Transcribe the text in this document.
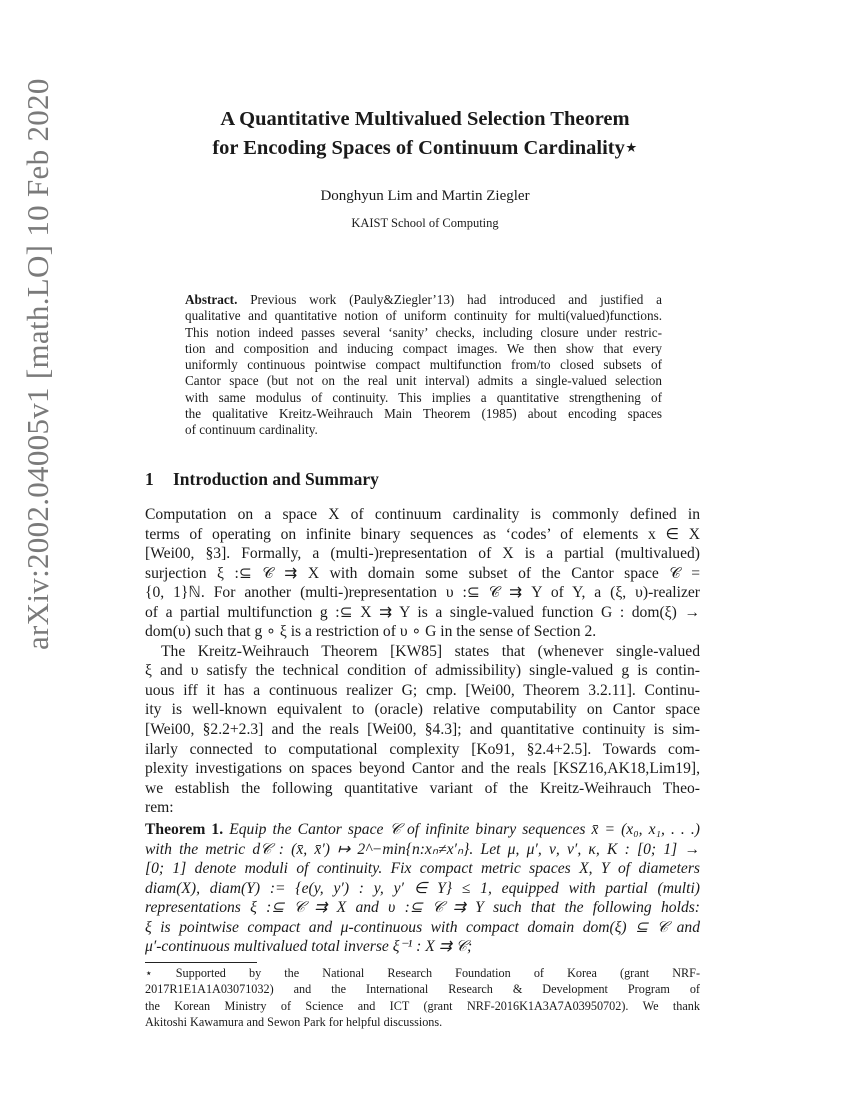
arXiv:2002.04005v1 [math.LO] 10 Feb 2020	A Quantitative Multivalued Selection Theorem
for Encoding Spaces of Continuum Cardinality⋆
Donghyun Lim and Martin Ziegler
KAIST School of Computing
Abstract. Previous work (Pauly&Ziegler’13) had introduced and justified a
qualitative and quantitative notion of uniform continuity for multi(valued)functions.
This notion indeed passes several ‘sanity’ checks, including closure under restric-
tion and composition and inducing compact images. We then show that every
uniformly continuous pointwise compact multifunction from/to closed subsets of
Cantor space (but not on the real unit interval) admits a single-valued selection
with same modulus of continuity. This implies a quantitative strengthening of
the qualitative Kreitz-Weihrauch Main Theorem (1985) about encoding spaces
of continuum cardinality.
1 Introduction and Summary
Computation on a space X of continuum cardinality is commonly defined in
terms of operating on infinite binary sequences as ‘codes’ of elements x ∈ X
[Wei00, §3]. Formally, a (multi-)representation of X is a partial (multivalued)
surjection ξ :⊆ 𝒞 ⇉ X with domain some subset of the Cantor space 𝒞 =
{0, 1}ℕ. For another (multi-)representation υ :⊆ 𝒞 ⇉ Y of Y, a (ξ, υ)-realizer
of a partial multifunction g :⊆ X ⇉ Y is a single-valued function G : dom(ξ) →
dom(υ) such that g ∘ ξ is a restriction of υ ∘ G in the sense of Section 2.
The Kreitz-Weihrauch Theorem [KW85] states that (whenever single-valued
ξ and υ satisfy the technical condition of admissibility) single-valued g is contin-
uous iff it has a continuous realizer G; cmp. [Wei00, Theorem 3.2.11]. Continu-
ity is well-known equivalent to (oracle) relative computability on Cantor space
[Wei00, §2.2+2.3] and the reals [Wei00, §4.3]; and quantitative continuity is sim-
ilarly connected to computational complexity [Ko91, §2.4+2.5]. Towards com-
plexity investigations on spaces beyond Cantor and the reals [KSZ16,AK18,Lim19],
we establish the following quantitative variant of the Kreitz-Weihrauch Theo-
rem:
Theorem 1. Equip the Cantor space 𝒞 of infinite binary sequences x̄ = (x₀, x₁, . . .)
with the metric d𝒞 : (x̄, x̄′) ↦ 2^−min{n:xₙ≠x′ₙ}. Let μ, μ′, ν, ν′, κ, K : [0; 1] →
[0; 1] denote moduli of continuity. Fix compact metric spaces X, Y of diameters
diam(X), diam(Y) := {e(y, y′) : y, y′ ∈ Y} ≤ 1, equipped with partial (multi)
representations ξ :⊆ 𝒞 ⇉ X and υ :⊆ 𝒞 ⇉ Y such that the following holds:
ξ is pointwise compact and μ-continuous with compact domain dom(ξ) ⊆ 𝒞 and
μ′-continuous multivalued total inverse ξ⁻¹ : X ⇉ 𝒞;
⋆ Supported by the National Research Foundation of Korea (grant NRF-
2017R1E1A1A03071032) and the International Research & Development Program of
the Korean Ministry of Science and ICT (grant NRF-2016K1A3A7A03950702). We thank
Akitoshi Kawamura and Sewon Park for helpful discussions.
